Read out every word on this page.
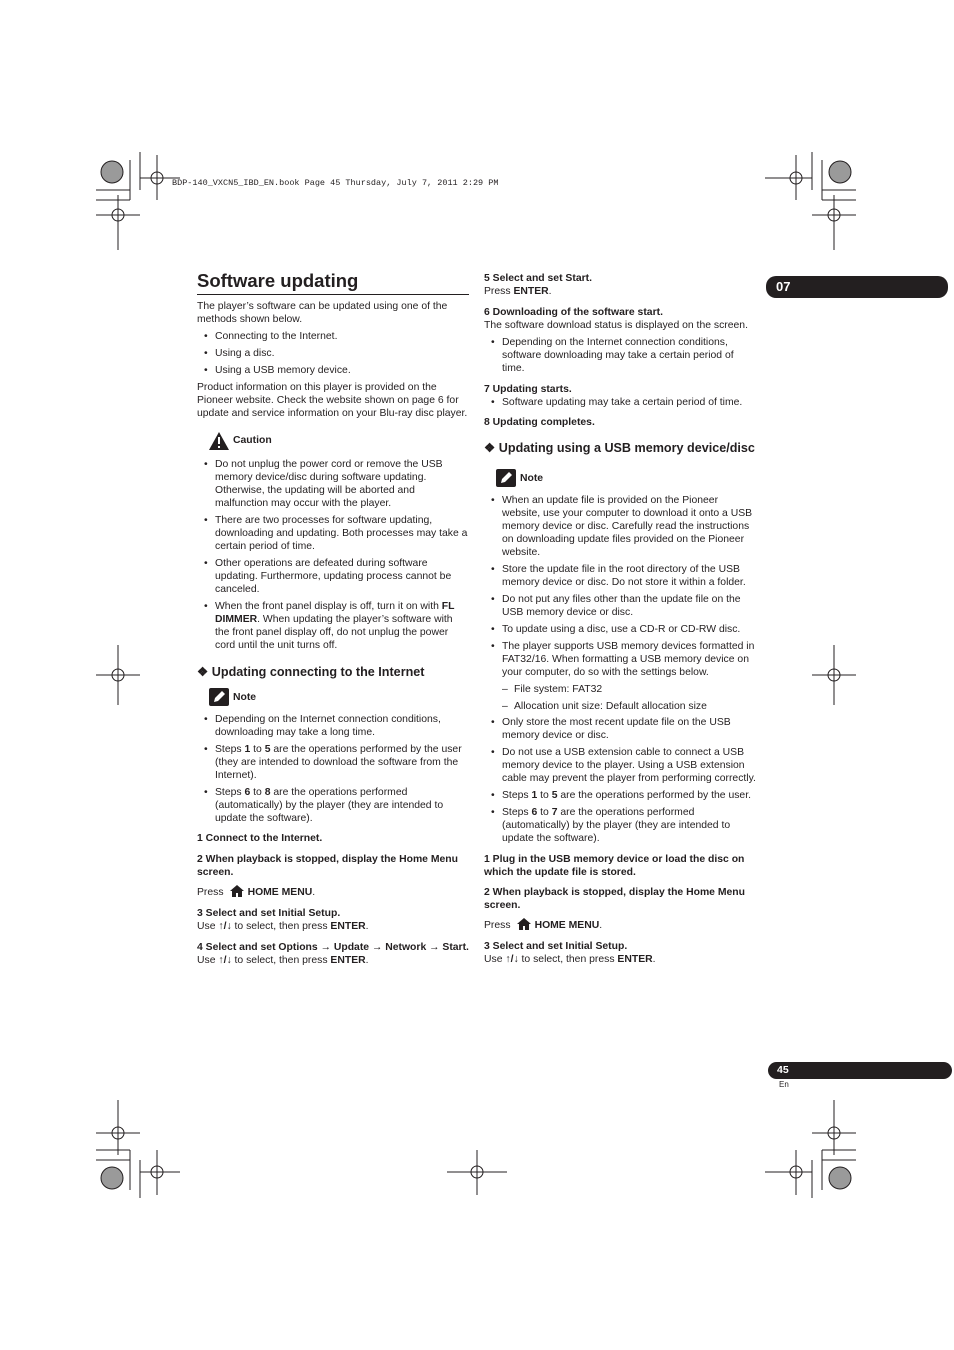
BDP-140_VXCN5_IBD_EN.book Page 45 Thursday, July 7, 2011 2:29 PM
07
45
En
Software updating

The player’s software can be updated using one of the methods shown below.

• Connecting to the Internet.

• Using a disc.

• Using a USB memory device.

Product information on this player is provided on the Pioneer website. Check the website shown on page 6 for update and service information on your Blu-ray disc player.

Caution

• Do not unplug the power cord or remove the USB memory device/disc during software updating. Otherwise, the updating will be aborted and malfunction may occur with the player.

• There are two processes for software updating, downloading and updating. Both processes may take a certain period of time.

• Other operations are defeated during software updating. Furthermore, updating process cannot be canceled.

• When the front panel display is off, turn it on with FL DIMMER. When updating the player’s software with the front panel display off, do not unplug the power cord until the unit turns off.

❖ Updating connecting to the Internet
Note

• Depending on the Internet connection conditions, downloading may take a long time.

• Steps 1 to 5 are the operations performed by the user (they are intended to download the software from the Internet).

• Steps 6 to 8 are the operations performed (automatically) by the player (they are intended to update the software).

1 Connect to the Internet.

2 When playback is stopped, display the Home Menu screen.

Press HOME MENU.

3 Select and set Initial Setup.

Use ↑/↓ to select, then press ENTER.

4 Select and set Options → Update → Network → Start.

Use ↑/↓ to select, then press ENTER.

5 Select and set Start.

Press ENTER.

6 Downloading of the software start.

The software download status is displayed on the screen.

• Depending on the Internet connection conditions, software downloading may take a certain period of time.

7 Updating starts.

• Software updating may take a certain period of time.

8 Updating completes.

❖ Updating using a USB memory device/disc
Note

• When an update file is provided on the Pioneer website, use your computer to download it onto a USB memory device or disc. Carefully read the instructions on downloading update files provided on the Pioneer website.

• Store the update file in the root directory of the USB memory device or disc. Do not store it within a folder.

• Do not put any files other than the update file on the USB memory device or disc.

• To update using a disc, use a CD-R or CD-RW disc.

• The player supports USB memory devices formatted in FAT32/16. When formatting a USB memory device on your computer, do so with the settings below.

– File system: FAT32

– Allocation unit size: Default allocation size

• Only store the most recent update file on the USB memory device or disc.

• Do not use a USB extension cable to connect a USB memory device to the player. Using a USB extension cable may prevent the player from performing correctly.

• Steps 1 to 5 are the operations performed by the user.

• Steps 6 to 7 are the operations performed (automatically) by the player (they are intended to update the software).

1 Plug in the USB memory device or load the disc on which the update file is stored.

2 When playback is stopped, display the Home Menu screen.

Press HOME MENU.

3 Select and set Initial Setup.

Use ↑/↓ to select, then press ENTER.
